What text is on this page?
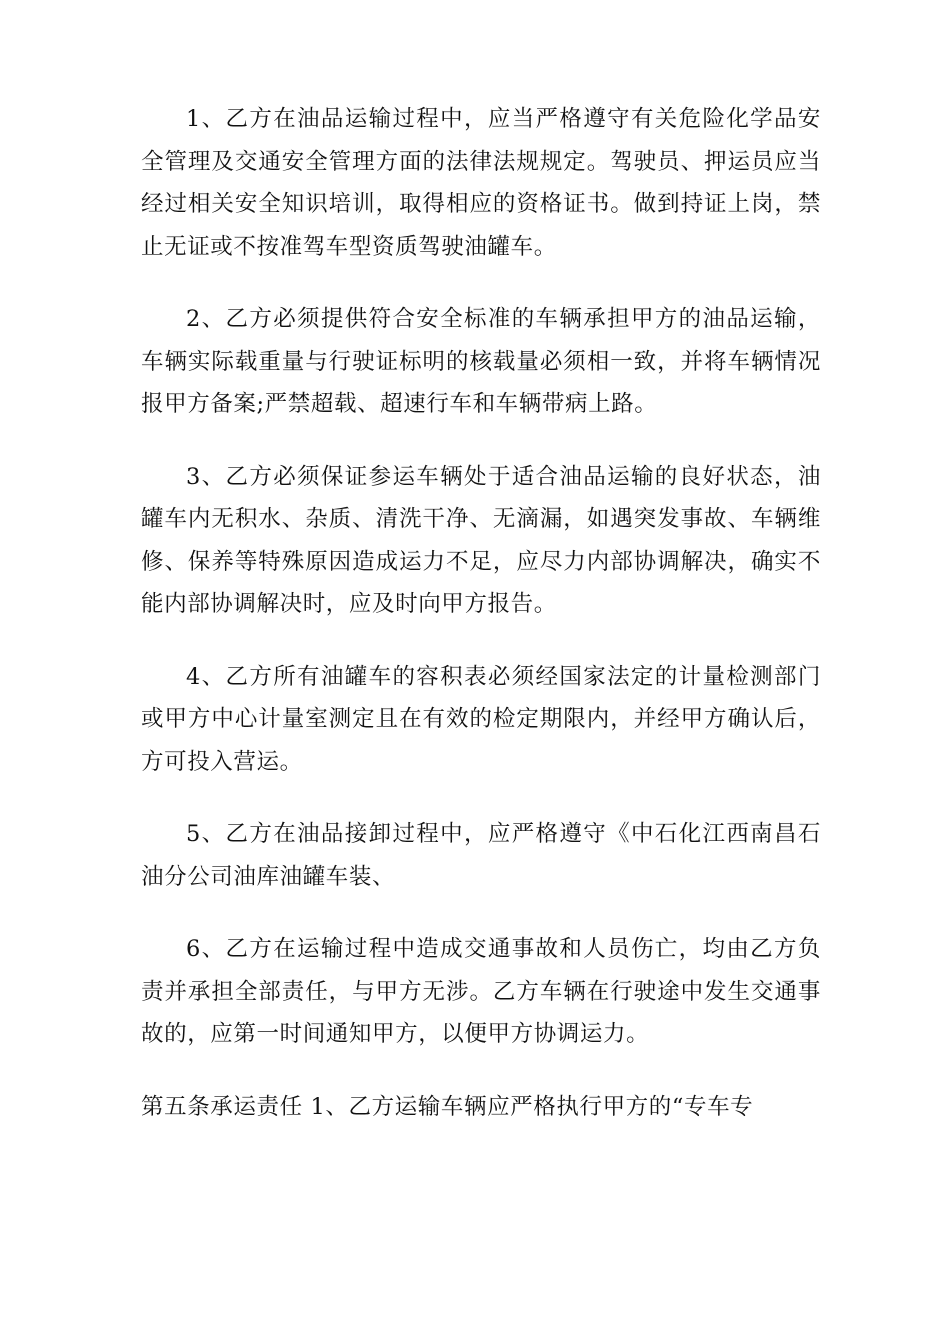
1、乙方在油品运输过程中，应当严格遵守有关危险化学品安全管理及交通安全管理方面的法律法规规定。驾驶员、押运员应当经过相关安全知识培训，取得相应的资格证书。做到持证上岗，禁止无证或不按准驾车型资质驾驶油罐车。

2、乙方必须提供符合安全标准的车辆承担甲方的油品运输，车辆实际载重量与行驶证标明的核载量必须相一致，并将车辆情况报甲方备案;严禁超载、超速行车和车辆带病上路。

3、乙方必须保证参运车辆处于适合油品运输的良好状态，油罐车内无积水、杂质、清洗干净、无滴漏，如遇突发事故、车辆维修、保养等特殊原因造成运力不足，应尽力内部协调解决，确实不能内部协调解决时，应及时向甲方报告。

4、乙方所有油罐车的容积表必须经国家法定的计量检测部门或甲方中心计量室测定且在有效的检定期限内，并经甲方确认后，方可投入营运。

5、乙方在油品接卸过程中，应严格遵守《中石化江西南昌石油分公司油库油罐车装、

6、乙方在运输过程中造成交通事故和人员伤亡，均由乙方负责并承担全部责任，与甲方无涉。乙方车辆在行驶途中发生交通事故的，应第一时间通知甲方，以便甲方协调运力。

第五条承运责任 1、乙方运输车辆应严格执行甲方的“专车专
